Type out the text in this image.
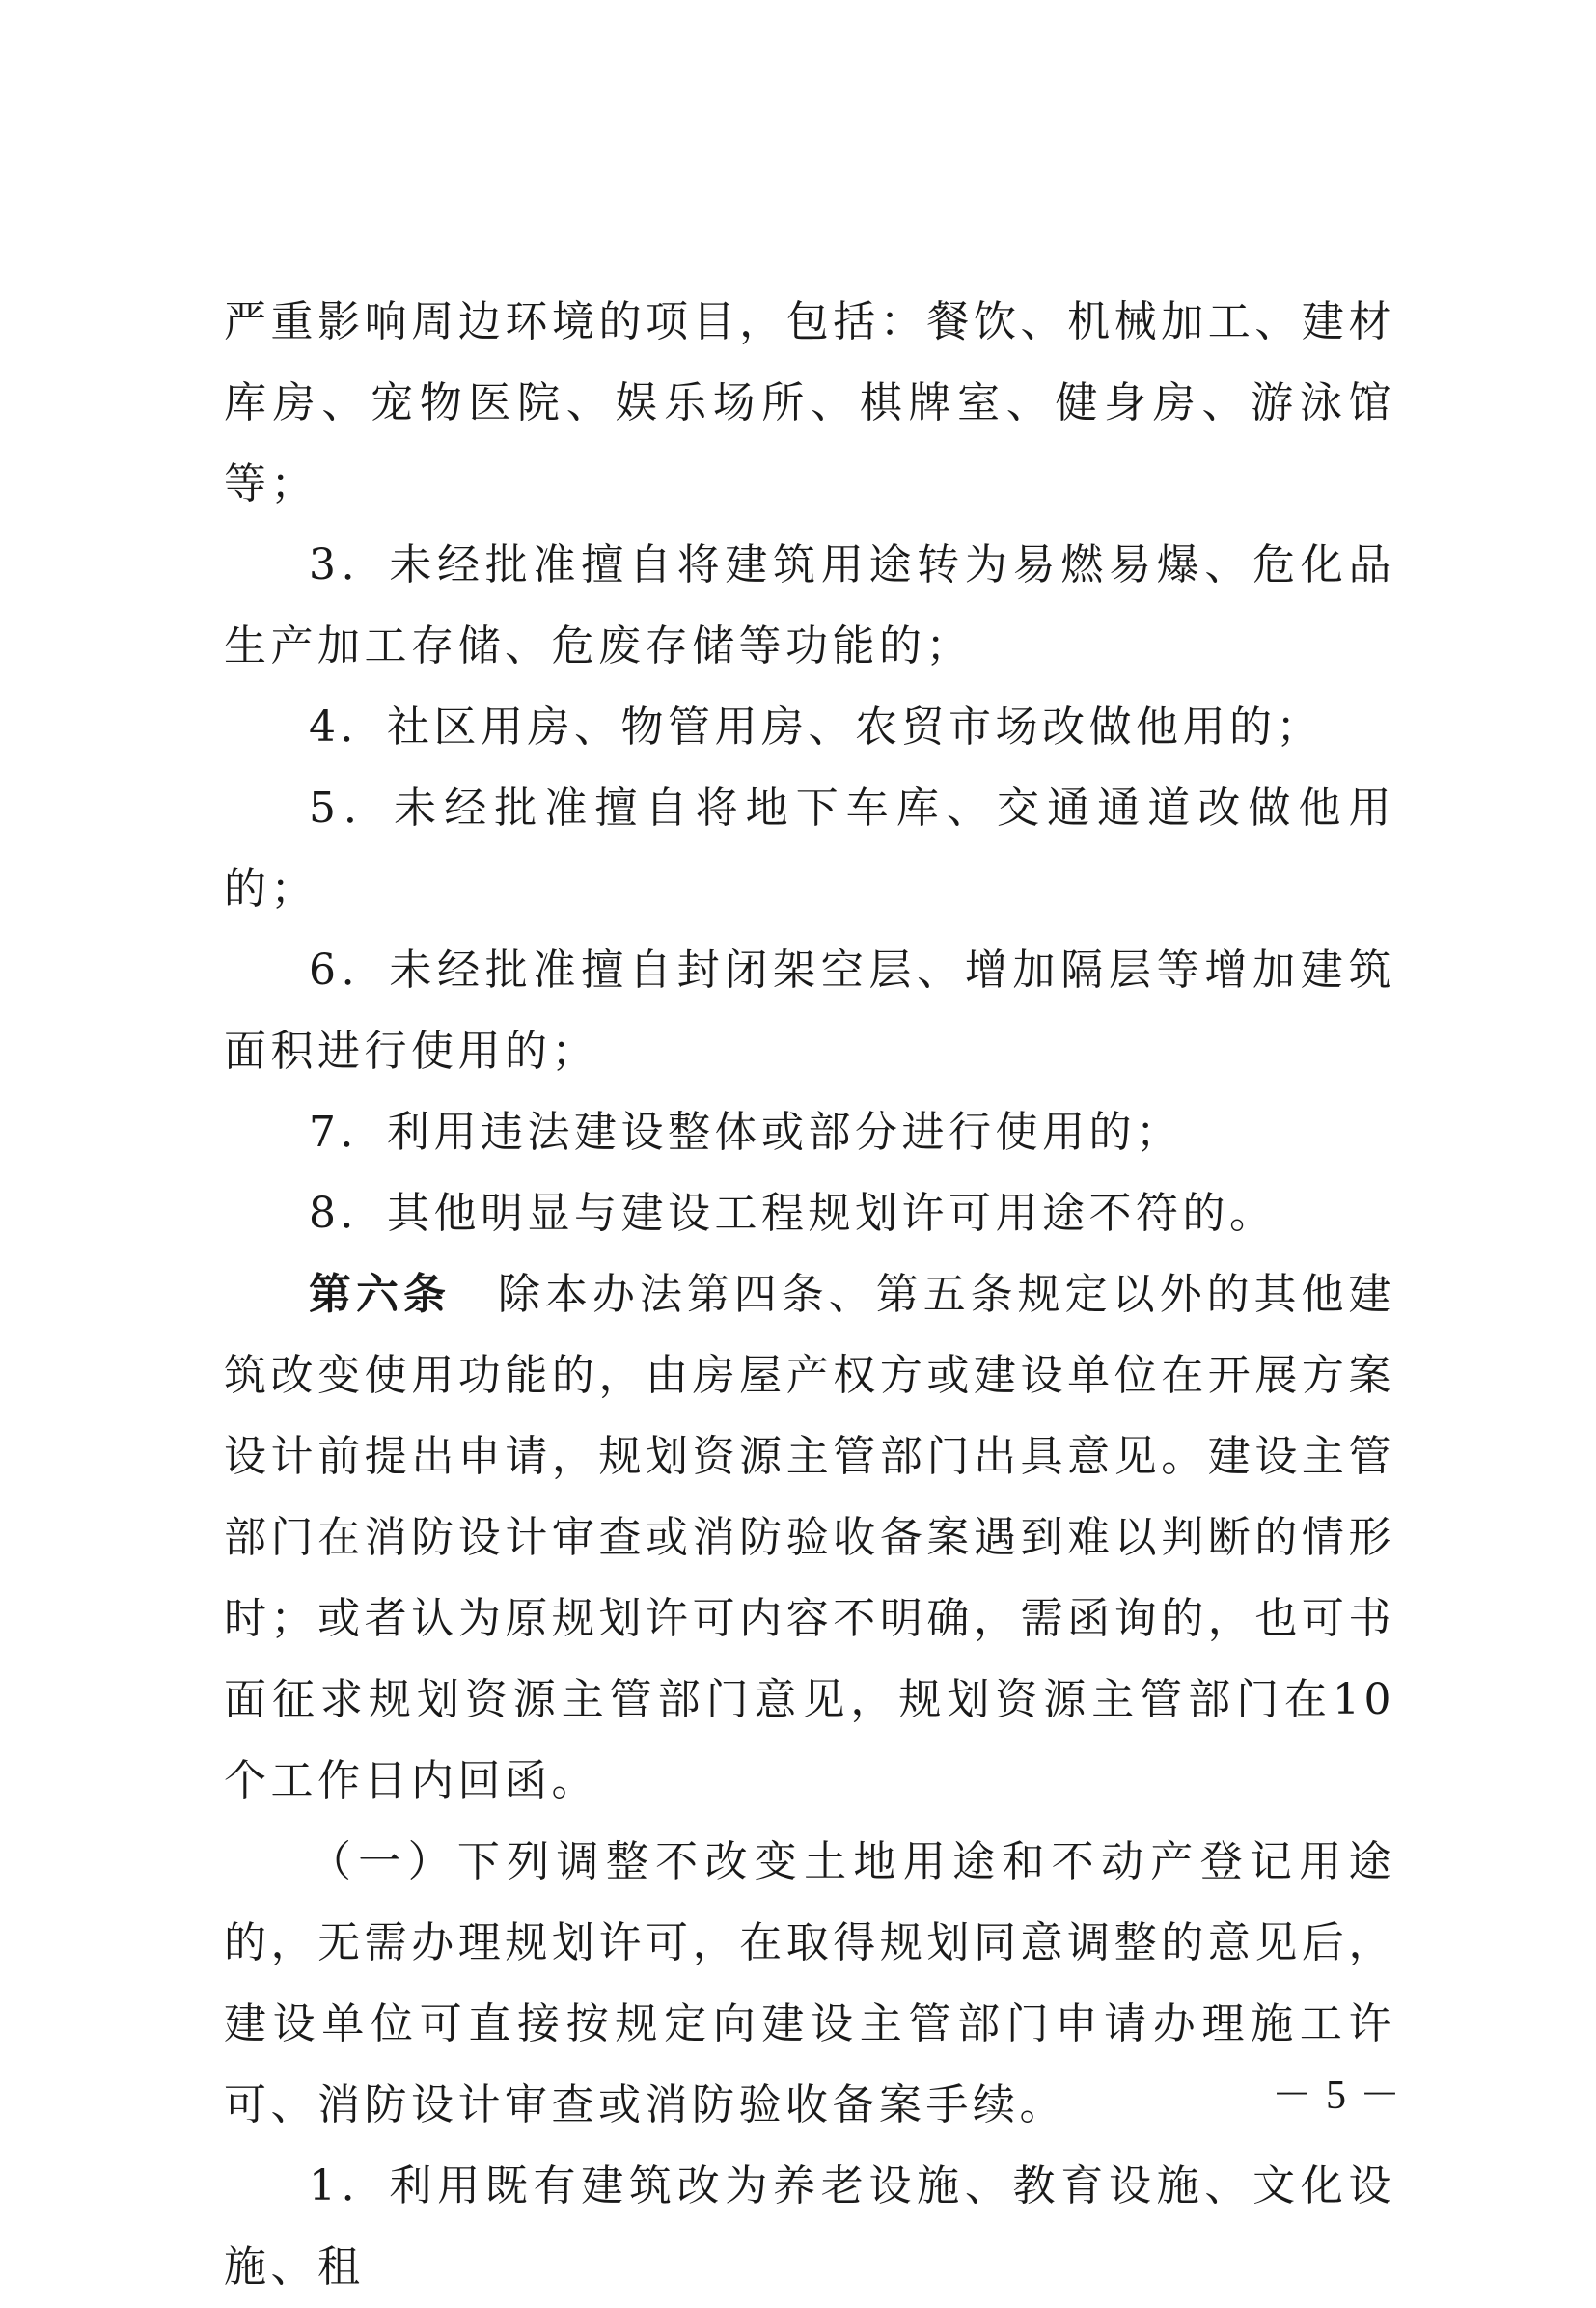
严重影响周边环境的项目，包括：餐饮、机械加工、建材库房、宠物医院、娱乐场所、棋牌室、健身房、游泳馆等；

3．未经批准擅自将建筑用途转为易燃易爆、危化品生产加工存储、危废存储等功能的；

4．社区用房、物管用房、农贸市场改做他用的；

5．未经批准擅自将地下车库、交通通道改做他用的；

6．未经批准擅自封闭架空层、增加隔层等增加建筑面积进行使用的；

7．利用违法建设整体或部分进行使用的；

8．其他明显与建设工程规划许可用途不符的。

第六条　除本办法第四条、第五条规定以外的其他建筑改变使用功能的，由房屋产权方或建设单位在开展方案设计前提出申请，规划资源主管部门出具意见。建设主管部门在消防设计审查或消防验收备案遇到难以判断的情形时；或者认为原规划许可内容不明确，需函询的，也可书面征求规划资源主管部门意见，规划资源主管部门在10个工作日内回函。

（一）下列调整不改变土地用途和不动产登记用途的，无需办理规划许可，在取得规划同意调整的意见后，建设单位可直接按规定向建设主管部门申请办理施工许可、消防设计审查或消防验收备案手续。

1．利用既有建筑改为养老设施、教育设施、文化设施、租

－5－
